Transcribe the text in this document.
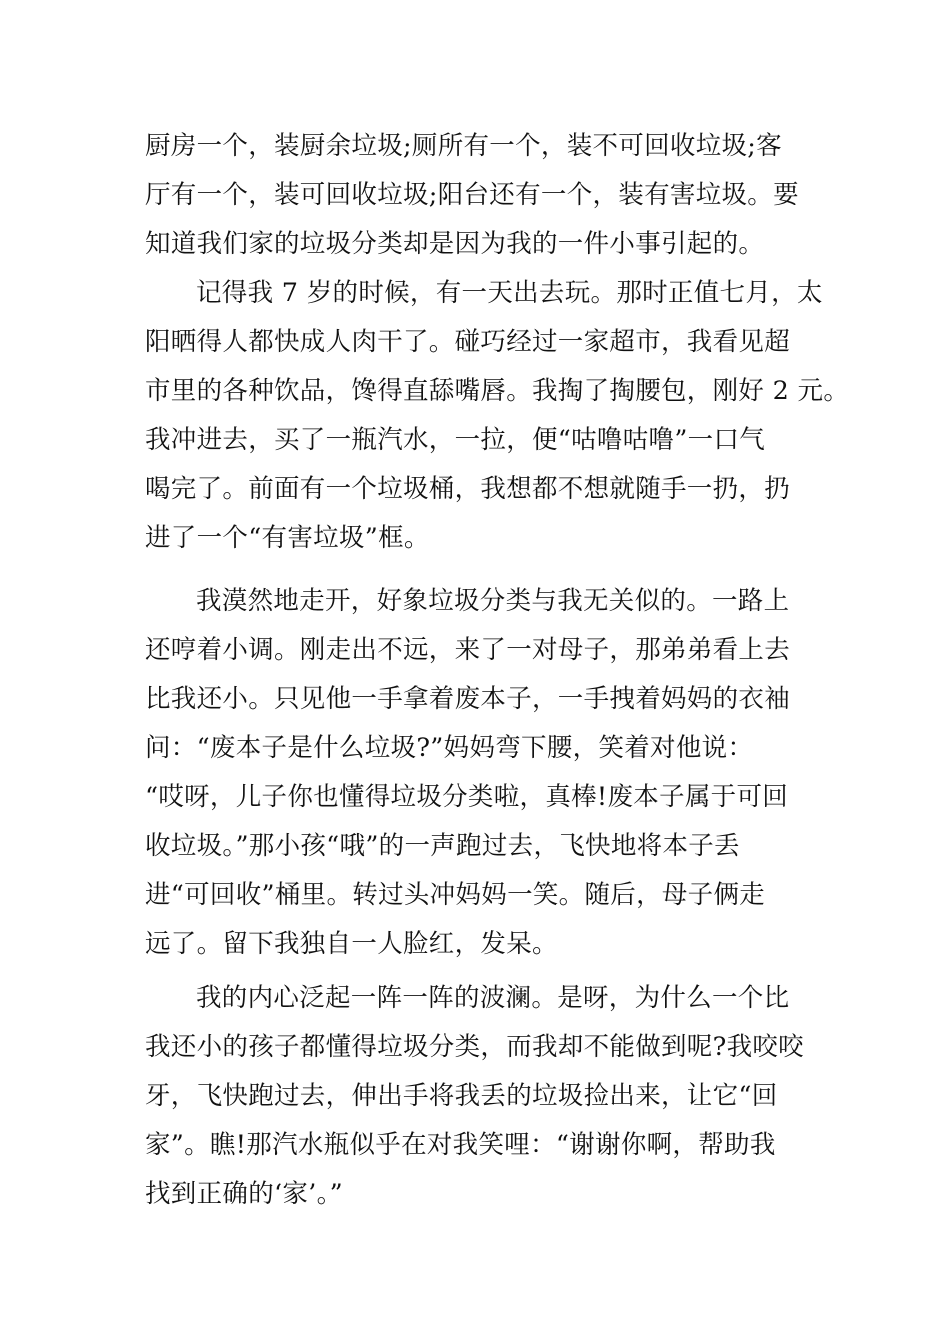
厨房一个，装厨余垃圾;厕所有一个，装不可回收垃圾;客
厅有一个，装可回收垃圾;阳台还有一个，装有害垃圾。要
知道我们家的垃圾分类却是因为我的一件小事引起的。
记得我 7 岁的时候，有一天出去玩。那时正值七月，太
阳晒得人都快成人肉干了。碰巧经过一家超市，我看见超
市里的各种饮品，馋得直舔嘴唇。我掏了掏腰包，刚好 2 元。
我冲进去，买了一瓶汽水，一拉，便“咕噜咕噜”一口气
喝完了。前面有一个垃圾桶，我想都不想就随手一扔，扔
进了一个“有害垃圾”框。
我漠然地走开，好象垃圾分类与我无关似的。一路上
还哼着小调。刚走出不远，来了一对母子，那弟弟看上去
比我还小。只见他一手拿着废本子，一手拽着妈妈的衣袖
问：“废本子是什么垃圾?”妈妈弯下腰，笑着对他说：
“哎呀，儿子你也懂得垃圾分类啦，真棒!废本子属于可回
收垃圾。”那小孩“哦”的一声跑过去，飞快地将本子丢
进“可回收”桶里。转过头冲妈妈一笑。随后，母子俩走
远了。留下我独自一人脸红，发呆。
我的内心泛起一阵一阵的波澜。是呀，为什么一个比
我还小的孩子都懂得垃圾分类，而我却不能做到呢?我咬咬
牙，飞快跑过去，伸出手将我丢的垃圾捡出来，让它“回
家”。瞧!那汽水瓶似乎在对我笑哩：“谢谢你啊，帮助我
找到正确的‘家’。”
